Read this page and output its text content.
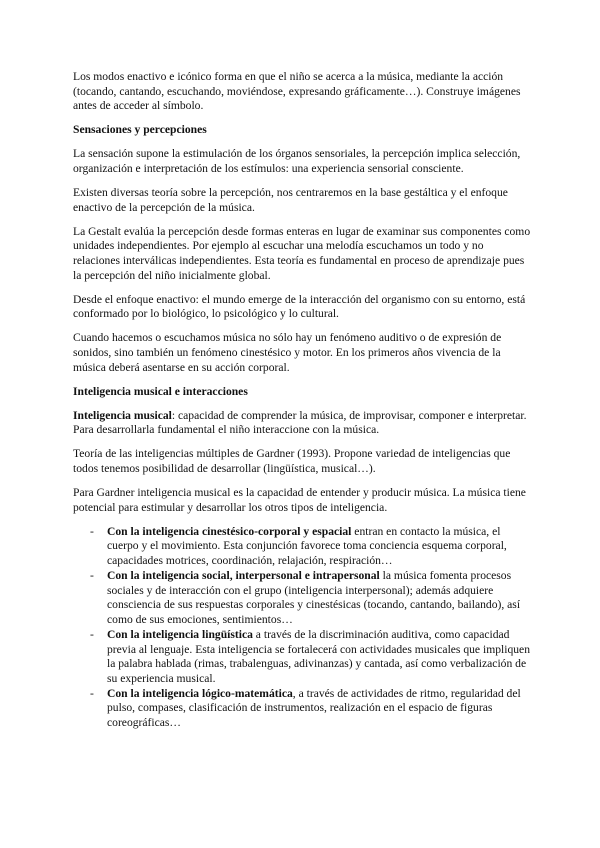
Los modos enactivo e icónico forma en que el niño se acerca a la música, mediante la acción (tocando, cantando, escuchando, moviéndose, expresando gráficamente…). Construye imágenes antes de acceder al símbolo.

Sensaciones y percepciones

La sensación supone la estimulación de los órganos sensoriales, la percepción implica selección, organización e interpretación de los estímulos: una experiencia sensorial consciente.

Existen diversas teoría sobre la percepción, nos centraremos en la base gestáltica y el enfoque enactivo de la percepción de la música.

La Gestalt evalúa la percepción desde formas enteras en lugar de examinar sus componentes como unidades independientes. Por ejemplo al escuchar una melodía escuchamos un todo y no relaciones interválicas independientes. Esta teoría es fundamental en proceso de aprendizaje pues la percepción del niño inicialmente global.

Desde el enfoque enactivo: el mundo emerge de la interacción del organismo con su entorno, está conformado por lo biológico, lo psicológico y lo cultural.

Cuando hacemos o escuchamos música no sólo hay un fenómeno auditivo o de expresión de sonidos, sino también un fenómeno cinestésico y motor. En los primeros años vivencia de la música deberá asentarse en su acción corporal.

Inteligencia musical e interacciones

Inteligencia musical: capacidad de comprender la música, de improvisar, componer e interpretar. Para desarrollarla fundamental el niño interaccione con la música.

Teoría de las inteligencias múltiples de Gardner (1993). Propone variedad de inteligencias que todos tenemos posibilidad de desarrollar (lingüística, musical…).

Para Gardner inteligencia musical es la capacidad de entender y producir música. La música tiene potencial para estimular y desarrollar los otros tipos de inteligencia.

- Con la inteligencia cinestésico-corporal y espacial entran en contacto la música, el cuerpo y el movimiento. Esta conjunción favorece toma conciencia esquema corporal, capacidades motrices, coordinación, relajación, respiración…
- Con la inteligencia social, interpersonal e intrapersonal la música fomenta procesos sociales y de interacción con el grupo (inteligencia interpersonal); además adquiere consciencia de sus respuestas corporales y cinestésicas (tocando, cantando, bailando), así como de sus emociones, sentimientos…
- Con la inteligencia lingüística a través de la discriminación auditiva, como capacidad previa al lenguaje. Esta inteligencia se fortalecerá con actividades musicales que impliquen la palabra hablada (rimas, trabalenguas, adivinanzas) y cantada, así como verbalización de su experiencia musical.
- Con la inteligencia lógico-matemática, a través de actividades de ritmo, regularidad del pulso, compases, clasificación de instrumentos, realización en el espacio de figuras coreográficas…
